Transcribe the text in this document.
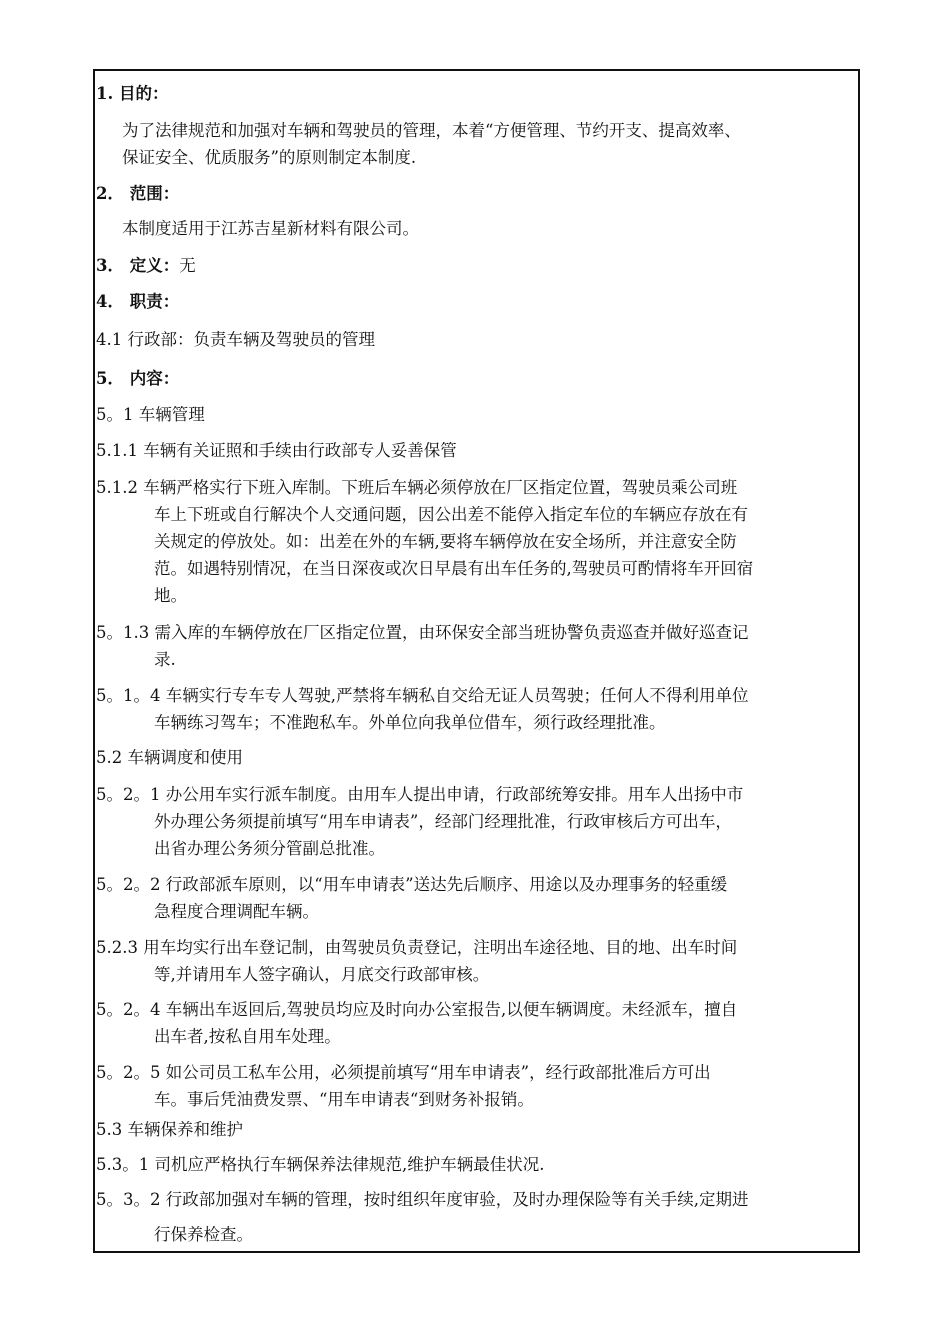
1. 目的：
为了法律规范和加强对车辆和驾驶员的管理，本着“方便管理、节约开支、提高效率、
保证安全、优质服务”的原则制定本制度.
2． 范围：
本制度适用于江苏吉星新材料有限公司。
3． 定义：无
4． 职责：
4.1 行政部：负责车辆及驾驶员的管理
5． 内容：
5。1 车辆管理
5.1.1 车辆有关证照和手续由行政部专人妥善保管
5.1.2 车辆严格实行下班入库制。下班后车辆必须停放在厂区指定位置，驾驶员乘公司班
车上下班或自行解决个人交通问题，因公出差不能停入指定车位的车辆应存放在有
关规定的停放处。如：出差在外的车辆,要将车辆停放在安全场所，并注意安全防
范。如遇特别情况，在当日深夜或次日早晨有出车任务的,驾驶员可酌情将车开回宿
地。
5。1.3 需入库的车辆停放在厂区指定位置，由环保安全部当班协警负责巡查并做好巡查记
录.
5。1。4 车辆实行专车专人驾驶,严禁将车辆私自交给无证人员驾驶；任何人不得利用单位
车辆练习驾车；不准跑私车。外单位向我单位借车，须行政经理批准。
5.2 车辆调度和使用
5。2。1 办公用车实行派车制度。由用车人提出申请，行政部统筹安排。用车人出扬中市
外办理公务须提前填写“用车申请表”，经部门经理批准，行政审核后方可出车，
出省办理公务须分管副总批准。
5。2。2 行政部派车原则，以“用车申请表”送达先后顺序、用途以及办理事务的轻重缓
急程度合理调配车辆。
5.2.3 用车均实行出车登记制，由驾驶员负责登记，注明出车途径地、目的地、出车时间
等,并请用车人签字确认，月底交行政部审核。
5。2。4 车辆出车返回后,驾驶员均应及时向办公室报告,以便车辆调度。未经派车，擅自
出车者,按私自用车处理。
5。2。5 如公司员工私车公用，必须提前填写“用车申请表”，经行政部批准后方可出
车。事后凭油费发票、“用车申请表“到财务补报销。
5.3 车辆保养和维护
5.3。1 司机应严格执行车辆保养法律规范,维护车辆最佳状况.
5。3。2 行政部加强对车辆的管理，按时组织年度审验，及时办理保险等有关手续,定期进
行保养检查。
